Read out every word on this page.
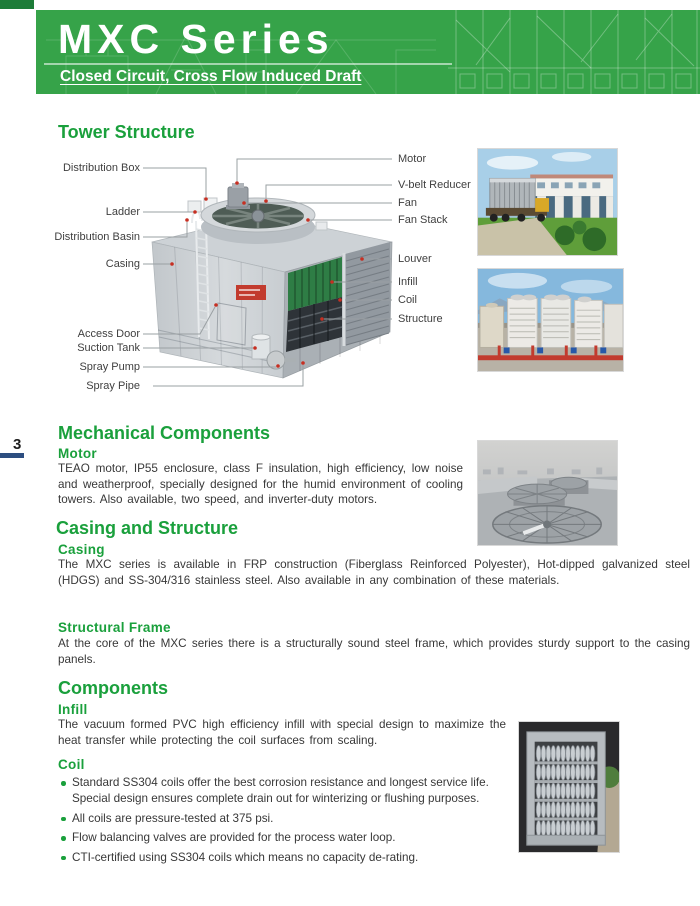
MXC Series
Closed Circuit, Cross Flow Induced Draft
3
Tower Structure
Distribution Box
Ladder
Distribution Basin
Casing
Access Door
Suction Tank
Spray Pump
Spray Pipe
Motor
V-belt Reducer
Fan
Fan Stack
Louver
Infill
Coil
Structure
Mechanical Components
Motor
TEAO motor, IP55 enclosure, class F insulation, high efficiency, low noise and weatherproof, specially designed for the humid environment of cooling towers. Also available, two speed, and inverter-duty motors.
Casing and Structure
Casing
The MXC series is available in FRP construction (Fiberglass Reinforced Polyester), Hot-dipped galvanized steel (HDGS) and SS-304/316 stainless steel. Also available in any combination of these materials.
Structural Frame
At the core of the MXC series there is a structurally sound steel frame, which provides sturdy support to the casing panels.
Components
Infill
The vacuum formed PVC high efficiency infill with special design to maximize the heat transfer while protecting the coil surfaces from scaling.
Coil
Standard SS304 coils offer the best corrosion resistance and longest service life. Special design ensures complete drain out for winterizing or flushing purposes.
All coils are pressure-tested at 375 psi.
Flow balancing valves are provided for the process water loop.
CTI-certified using SS304 coils which means no capacity de-rating.
